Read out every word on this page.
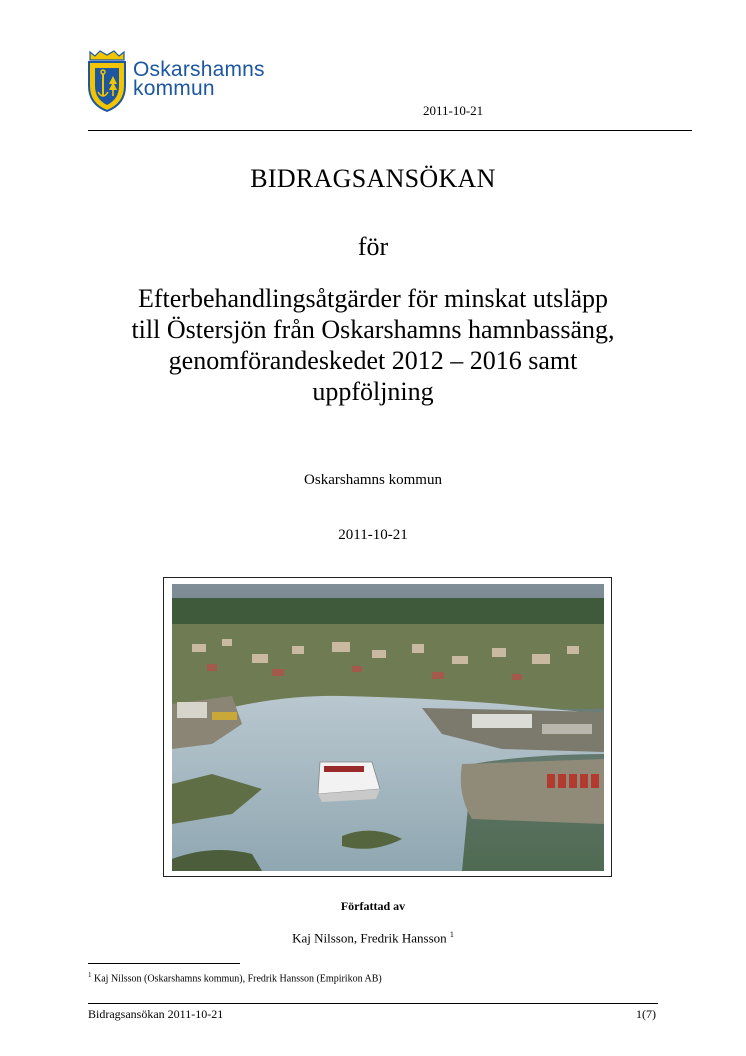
Oskarshamns
kommun
2011-10-21
BIDRAGSANSÖKAN
för
Efterbehandlingsåtgärder för minskat utsläpp
till Östersjön från Oskarshamns hamnbassäng,
genomförandeskedet 2012 – 2016 samt
uppföljning
Oskarshamns kommun
2011-10-21
Författad av
Kaj Nilsson, Fredrik Hansson $^1$
$^1$ Kaj Nilsson (Oskarshamns kommun), Fredrik Hansson (Empirikon AB)
Bidragsansökan 2011-10-21	1(7)
